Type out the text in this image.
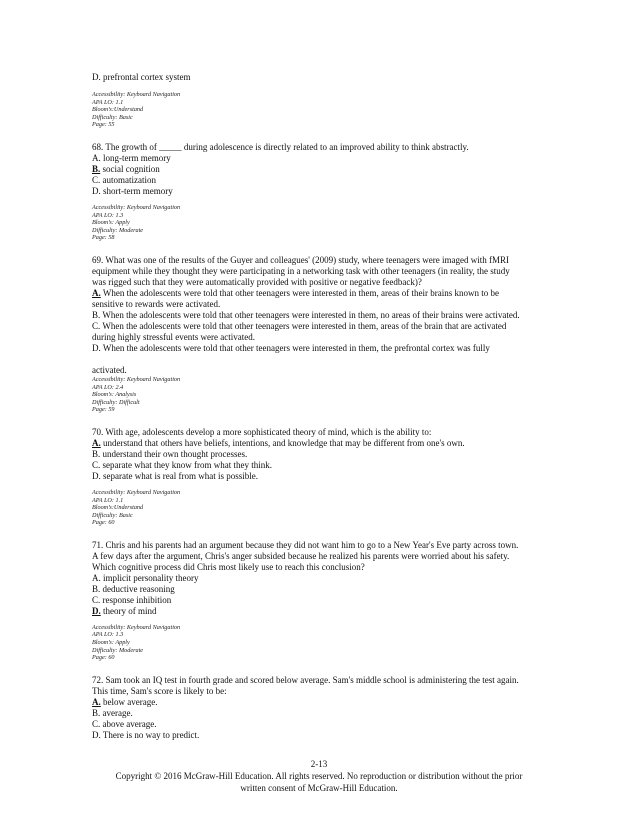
D. prefrontal cortex system
Accessibility: Keyboard Navigation
APA LO: 1.1
Bloom’s:Understand
Difficulty: Basic
Page: 55
68. The growth of _____ during adolescence is directly related to an improved ability to think abstractly.
A. long-term memory
B. social cognition
C. automatization
D. short-term memory
Accessibility: Keyboard Navigation
APA LO: 1.3
Bloom’s: Apply
Difficulty: Moderate
Page: 58
69. What was one of the results of the Guyer and colleagues' (2009) study, where teenagers were imaged with fMRI
equipment while they thought they were participating in a networking task with other teenagers (in reality, the study
was rigged such that they were automatically provided with positive or negative feedback)?
A. When the adolescents were told that other teenagers were interested in them, areas of their brains known to be
sensitive to rewards were activated.
B. When the adolescents were told that other teenagers were interested in them, no areas of their brains were activated.
C. When the adolescents were told that other teenagers were interested in them, areas of the brain that are activated
during highly stressful events were activated.
D. When the adolescents were told that other teenagers were interested in them, the prefrontal cortex was fully
activated.
Accessibility: Keyboard Navigation
APA LO: 2.4
Bloom’s: Analysis
Difficulty: Difficult
Page: 59
70. With age, adolescents develop a more sophisticated theory of mind, which is the ability to:
A. understand that others have beliefs, intentions, and knowledge that may be different from one's own.
B. understand their own thought processes.
C. separate what they know from what they think.
D. separate what is real from what is possible.
Accessibility: Keyboard Navigation
APA LO: 1.1
Bloom’s:Understand
Difficulty: Basic
Page: 60
71. Chris and his parents had an argument because they did not want him to go to a New Year's Eve party across town.
A few days after the argument, Chris's anger subsided because he realized his parents were worried about his safety.
Which cognitive process did Chris most likely use to reach this conclusion?
A. implicit personality theory
B. deductive reasoning
C. response inhibition
D. theory of mind
Accessibility: Keyboard Navigation
APA LO: 1.3
Bloom’s: Apply
Difficulty: Moderate
Page: 60
72. Sam took an IQ test in fourth grade and scored below average. Sam's middle school is administering the test again.
This time, Sam's score is likely to be:
A. below average.
B. average.
C. above average.
D. There is no way to predict.
2-13
Copyright © 2016 McGraw-Hill Education. All rights reserved. No reproduction or distribution without the prior
written consent of McGraw-Hill Education.
